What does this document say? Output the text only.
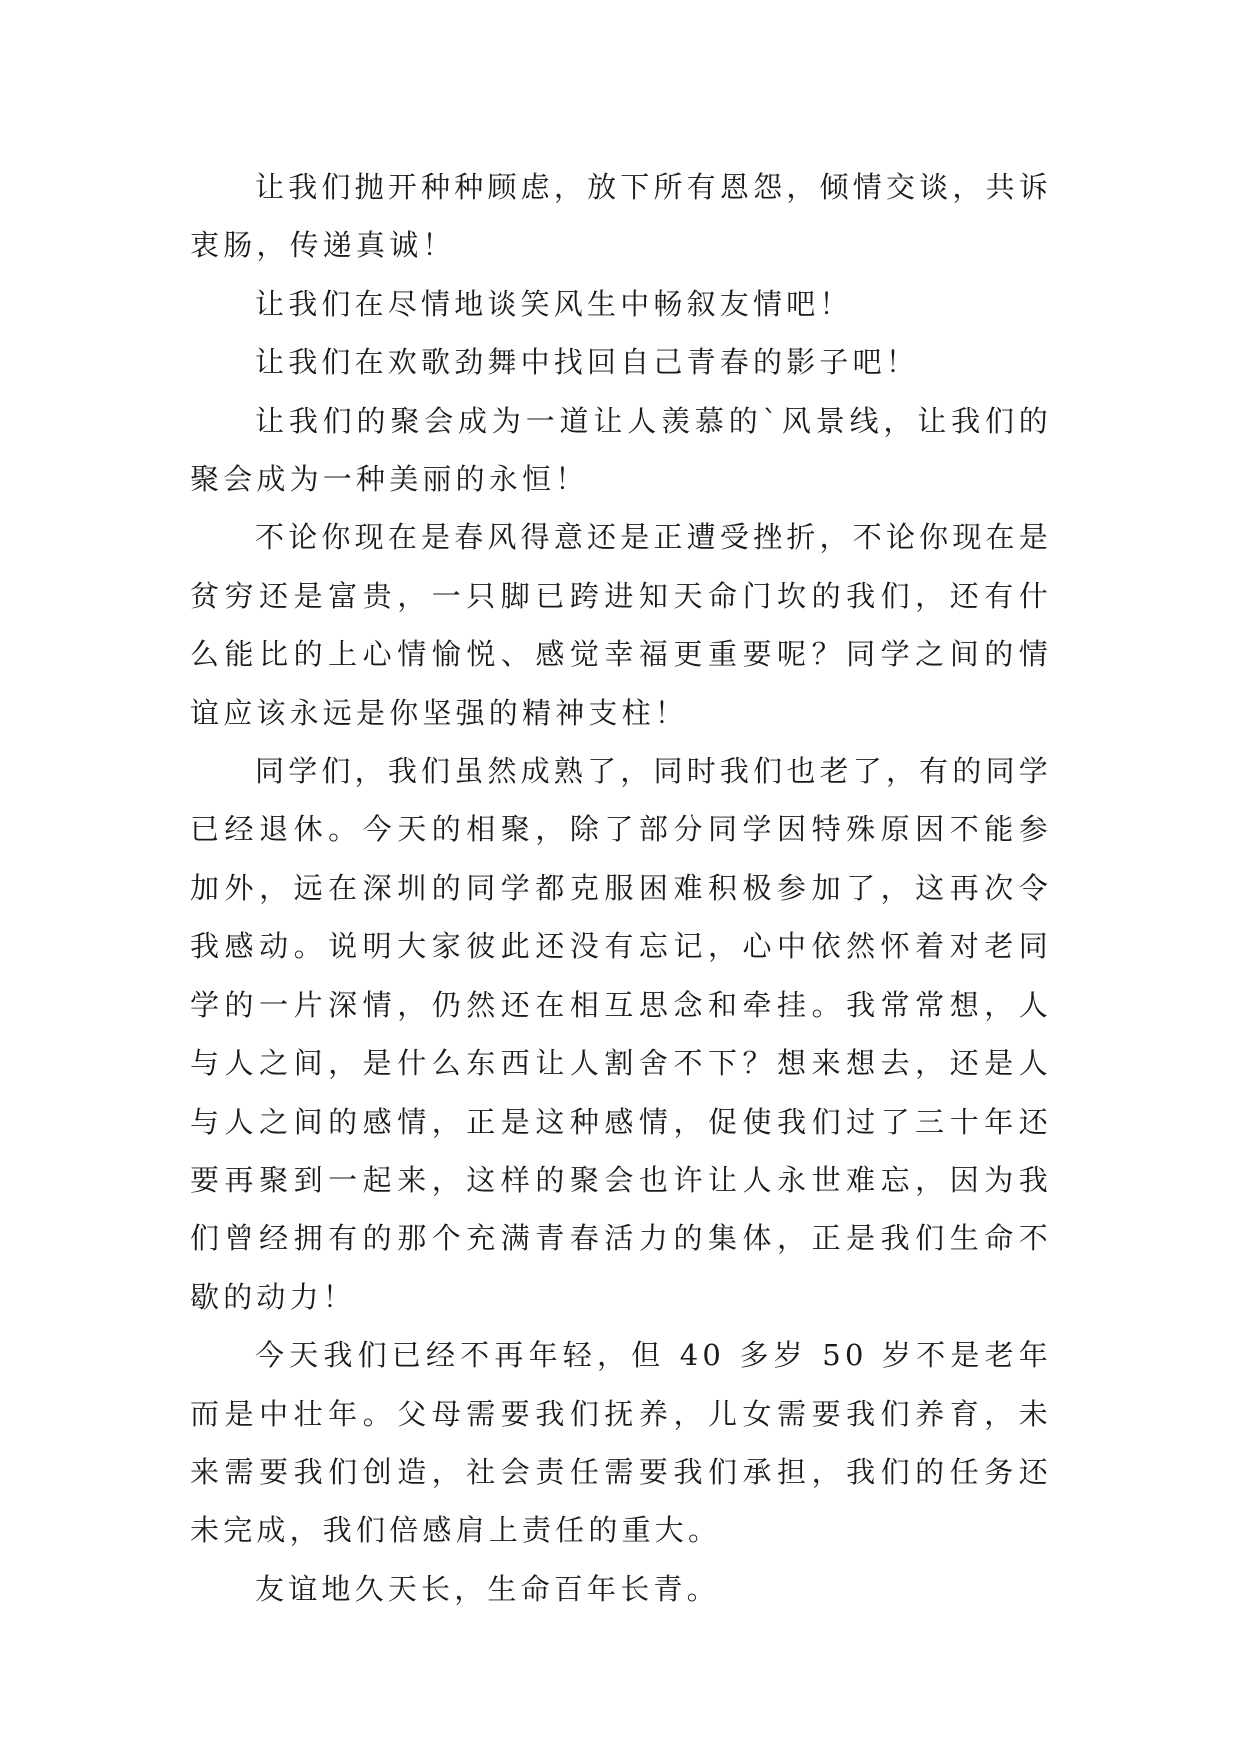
让我们抛开种种顾虑，放下所有恩怨，倾情交谈，共诉衷肠，传递真诚！

让我们在尽情地谈笑风生中畅叙友情吧！

让我们在欢歌劲舞中找回自己青春的影子吧！

让我们的聚会成为一道让人羡慕的`风景线，让我们的聚会成为一种美丽的永恒！

不论你现在是春风得意还是正遭受挫折，不论你现在是贫穷还是富贵，一只脚已跨进知天命门坎的我们，还有什么能比的上心情愉悦、感觉幸福更重要呢？同学之间的情谊应该永远是你坚强的精神支柱！

同学们，我们虽然成熟了，同时我们也老了，有的同学已经退休。今天的相聚，除了部分同学因特殊原因不能参加外，远在深圳的同学都克服困难积极参加了，这再次令我感动。说明大家彼此还没有忘记，心中依然怀着对老同学的一片深情，仍然还在相互思念和牵挂。我常常想，人与人之间，是什么东西让人割舍不下？想来想去，还是人与人之间的感情，正是这种感情，促使我们过了三十年还要再聚到一起来，这样的聚会也许让人永世难忘，因为我们曾经拥有的那个充满青春活力的集体，正是我们生命不歇的动力！

今天我们已经不再年轻，但 40 多岁 50 岁不是老年而是中壮年。父母需要我们抚养，儿女需要我们养育，未来需要我们创造，社会责任需要我们承担，我们的任务还未完成，我们倍感肩上责任的重大。

友谊地久天长，生命百年长青。
